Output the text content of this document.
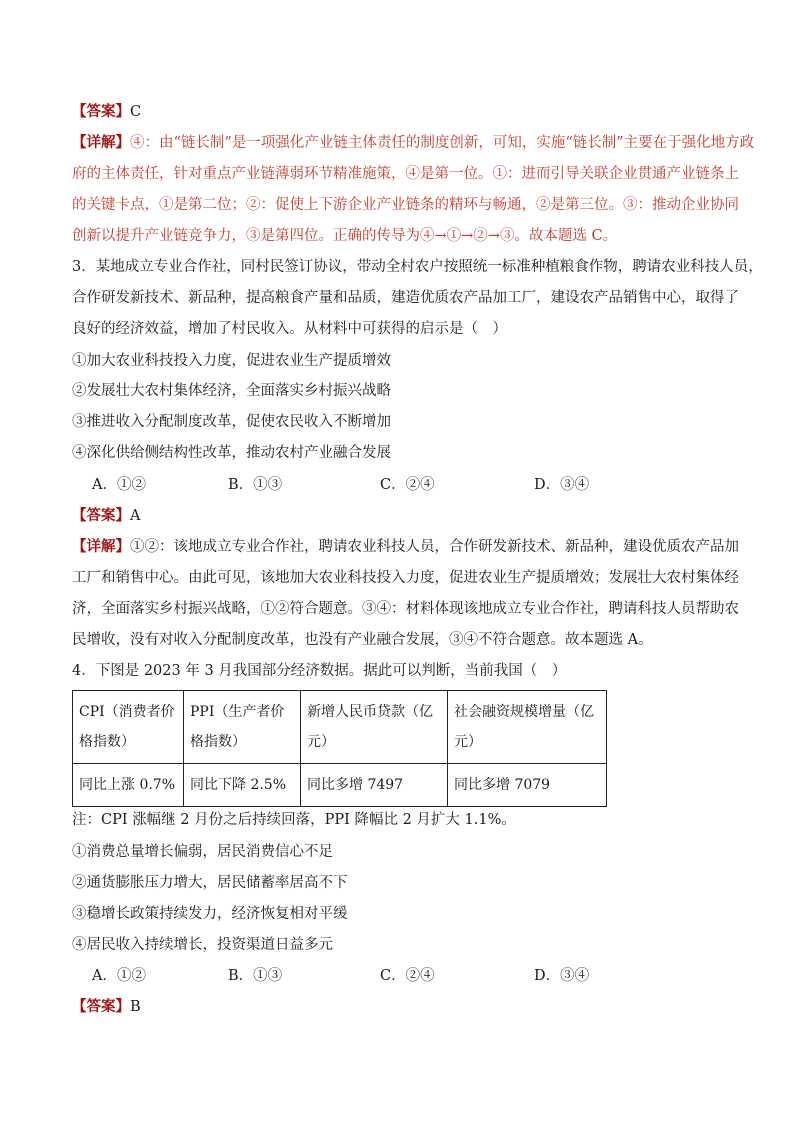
【答案】C
【详解】④：由“链长制”是一项强化产业链主体责任的制度创新，可知，实施“链长制”主要在于强化地方政
府的主体责任，针对重点产业链薄弱环节精准施策，④是第一位。①：进而引导关联企业贯通产业链条上
的关键卡点，①是第二位；②：促使上下游企业产业链条的精环与畅通，②是第三位。③：推动企业协同
创新以提升产业链竞争力，③是第四位。正确的传导为④→①→②→③。故本题选 C。
3．某地成立专业合作社，同村民签订协议，带动全村农户按照统一标准种植粮食作物，聘请农业科技人员，
合作研发新技术、新品种，提高粮食产量和品质，建造优质农产品加工厂，建设农产品销售中心，取得了
良好的经济效益，增加了村民收入。从材料中可获得的启示是（　）
①加大农业科技投入力度，促进农业生产提质增效
②发展壮大农村集体经济，全面落实乡村振兴战略
③推进收入分配制度改革，促使农民收入不断增加
④深化供给侧结构性改革，推动农村产业融合发展
A．①②	B．①③	C．②④	D．③④
【答案】A
【详解】①②：该地成立专业合作社，聘请农业科技人员，合作研发新技术、新品种，建设优质农产品加
工厂和销售中心。由此可见，该地加大农业科技投入力度，促进农业生产提质增效；发展壮大农村集体经
济，全面落实乡村振兴战略，①②符合题意。③④：材料体现该地成立专业合作社，聘请科技人员帮助农
民增收，没有对收入分配制度改革，也没有产业融合发展，③④不符合题意。故本题选 A。
4．下图是 2023 年 3 月我国部分经济数据。据此可以判断，当前我国（　）
CPI（消费者价格指数）	PPI（生产者价格指数）	新增人民币贷款（亿元）	社会融资规模增量（亿元）
同比上涨 0.7%	同比下降 2.5%	同比多增 7497	同比多增 7079
注：CPI 涨幅继 2 月份之后持续回落，PPI 降幅比 2 月扩大 1.1%。
①消费总量增长偏弱，居民消费信心不足
②通货膨胀压力增大，居民储蓄率居高不下
③稳增长政策持续发力，经济恢复相对平缓
④居民收入持续增长，投资渠道日益多元
A．①②	B．①③	C．②④	D．③④
【答案】B
